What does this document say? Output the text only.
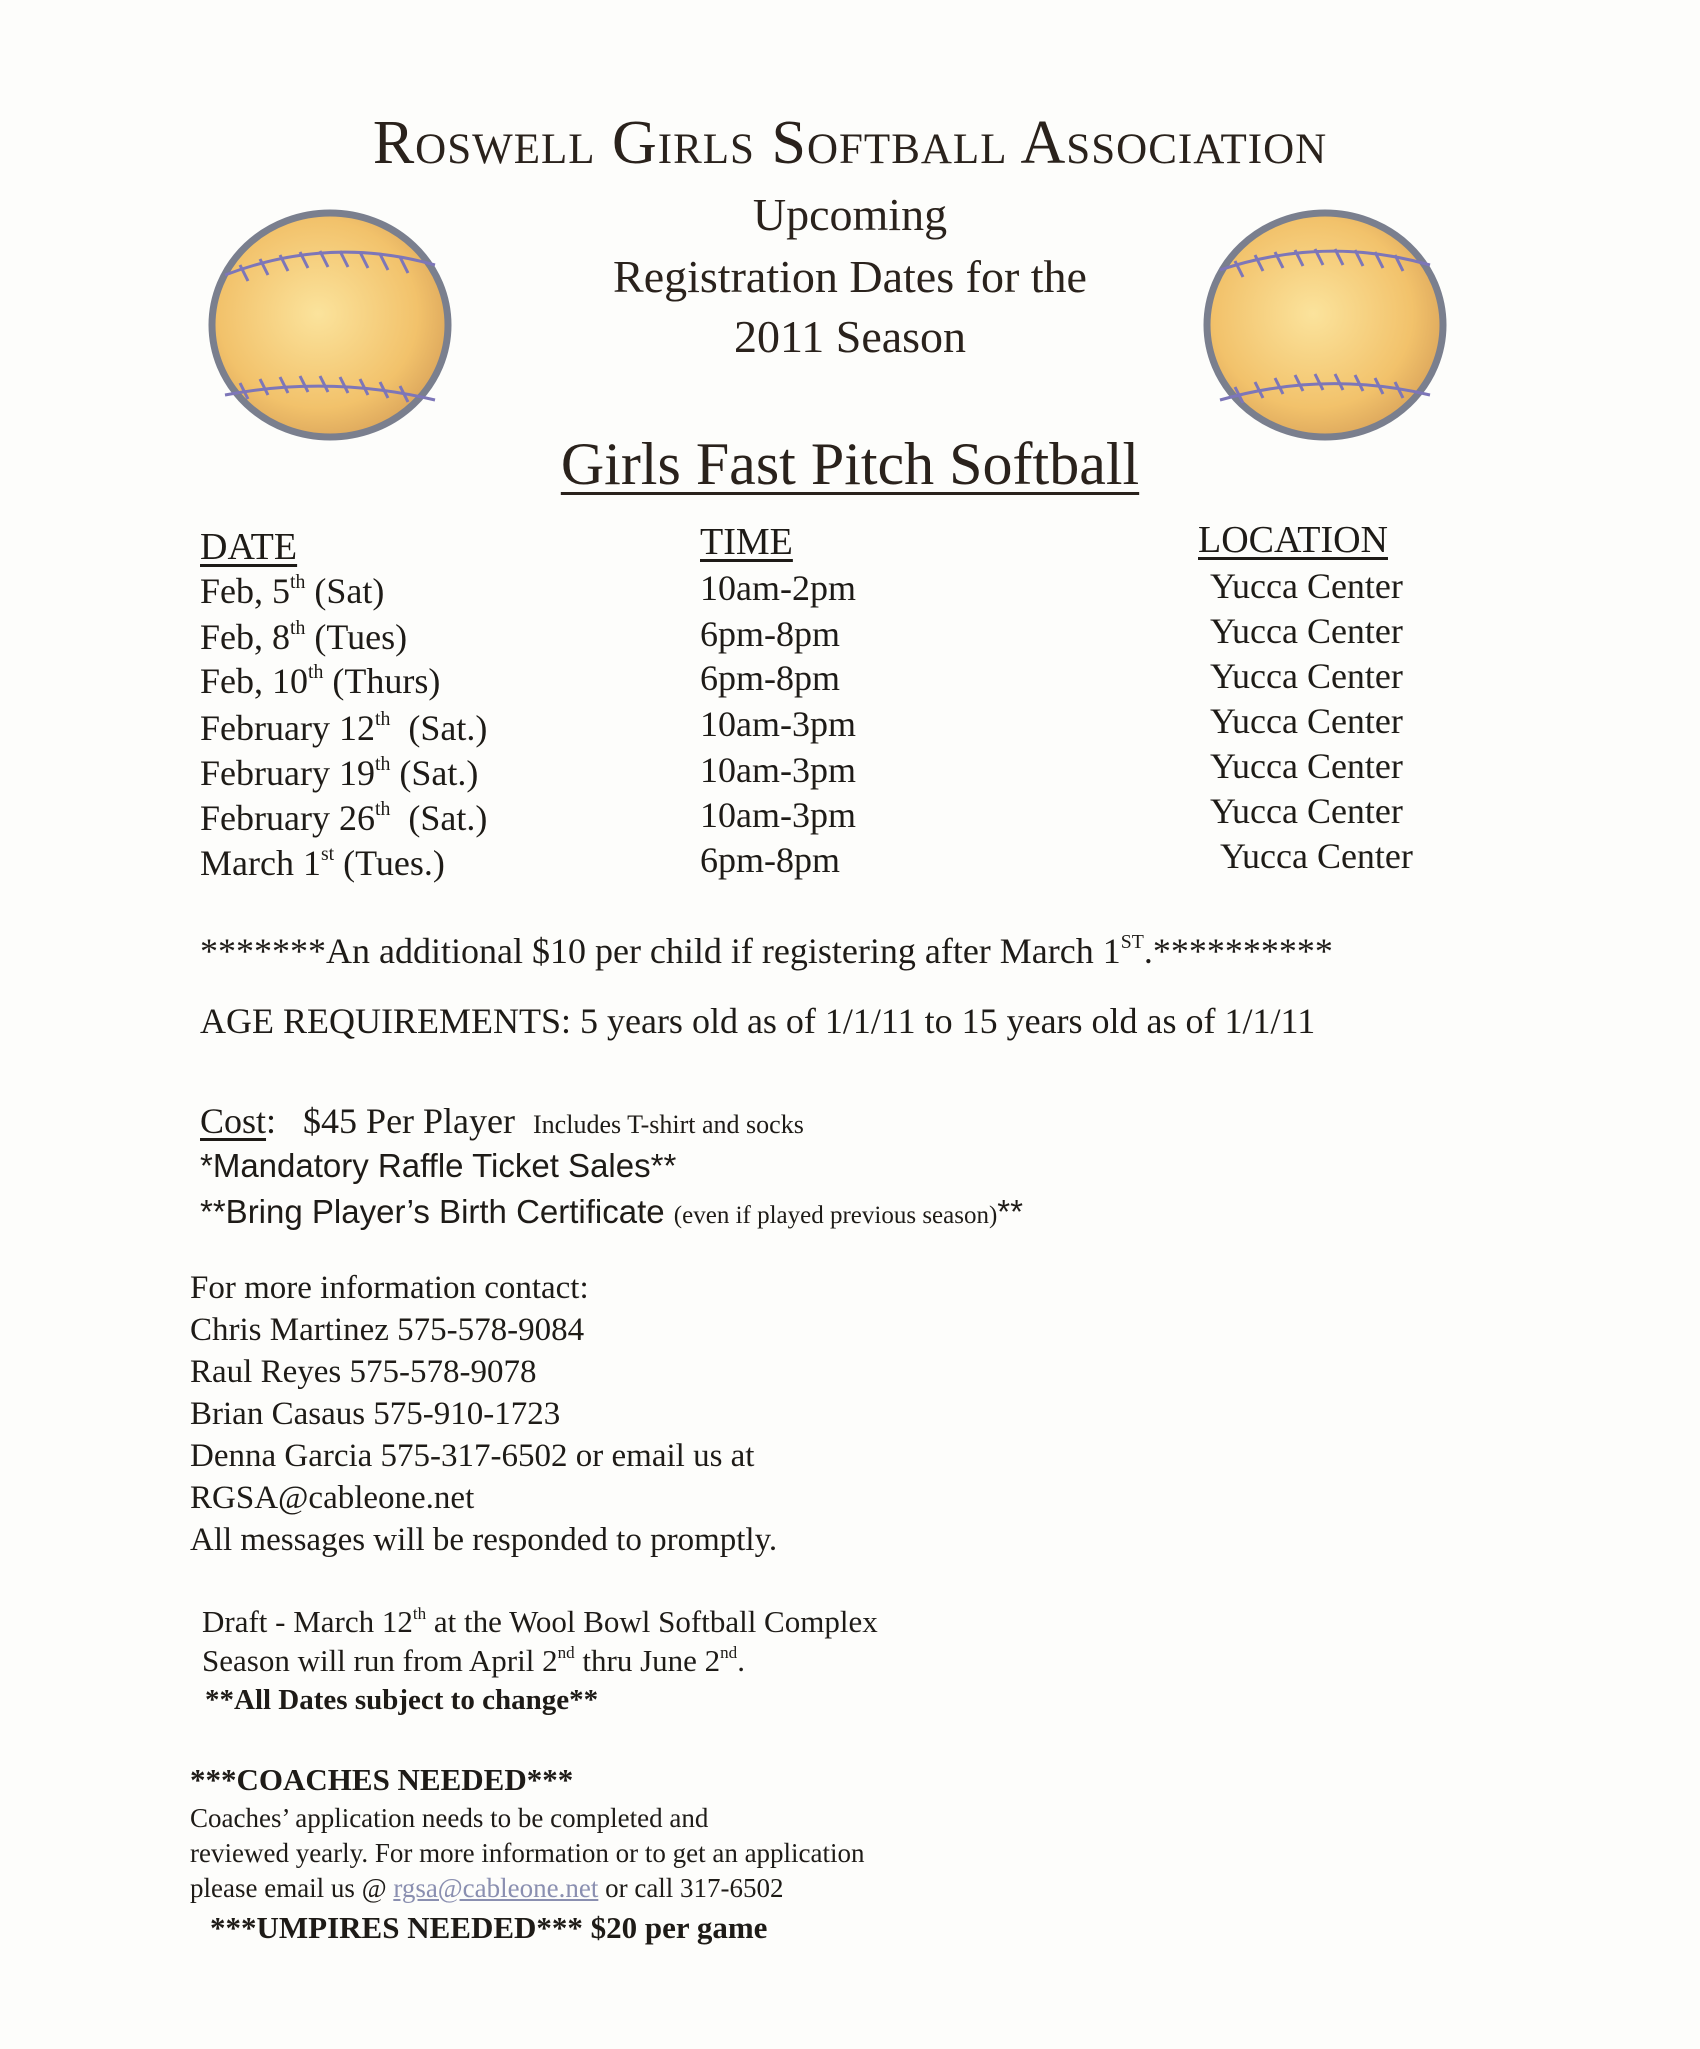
Roswell Girls Softball Association
Upcoming
Registration Dates for the
2011 Season
Girls Fast Pitch Softball
DATE	TIME	LOCATION
Feb, 5th (Sat)	10am-2pm	Yucca Center
Feb, 8th (Tues)	6pm-8pm	Yucca Center
Feb, 10th (Thurs)	6pm-8pm	Yucca Center
February 12th  (Sat.)	10am-3pm	Yucca Center
February 19th (Sat.)	10am-3pm	Yucca Center
February 26th  (Sat.)	10am-3pm	Yucca Center
March 1st (Tues.)	6pm-8pm	Yucca Center
*******An additional $10 per child if registering after March 1ST.**********
AGE REQUIREMENTS: 5 years old as of 1/1/11 to 15 years old as of 1/1/11
Cost: $45 Per Player Includes T-shirt and socks
*Mandatory Raffle Ticket Sales**
**Bring Player’s Birth Certificate (even if played previous season)**
For more information contact:
Chris Martinez 575-578-9084
Raul Reyes 575-578-9078
Brian Casaus 575-910-1723
Denna Garcia 575-317-6502 or email us at
RGSA@cableone.net
All messages will be responded to promptly.
Draft - March 12th at the Wool Bowl Softball Complex
Season will run from April 2nd thru June 2nd.
**All Dates subject to change**
***COACHES NEEDED***
Coaches’ application needs to be completed and
reviewed yearly. For more information or to get an application
please email us @ rgsa@cableone.net or call 317-6502
***UMPIRES NEEDED*** $20 per game
